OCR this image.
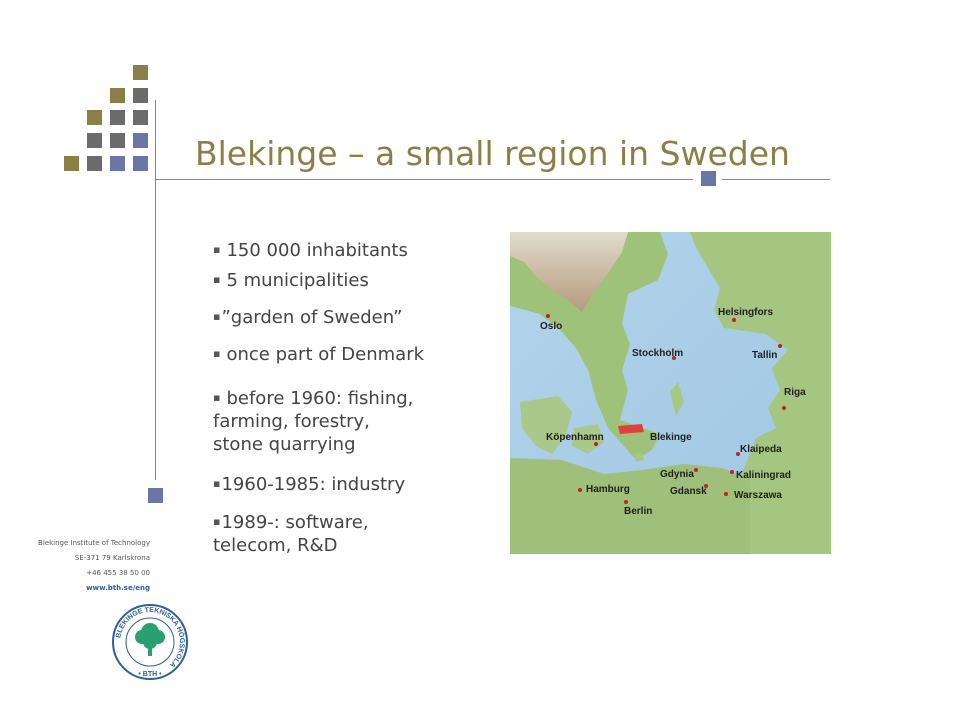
Blekinge – a small region in Sweden
▪ 150 000 inhabitants
▪ 5 municipalities
▪”garden of Sweden”
▪ once part of Denmark
▪ before 1960: fishing,
farming, forestry,
stone quarrying
▪1960-1985: industry
▪1989-: software,
telecom, R&D
Oslo
Helsingfors
Stockholm	Tallin
Riga
Köpenhamn	Blekinge
Klaipeda
Gdynia	Kaliningrad
Hamburg	Gdansk	Warszawa
Berlin
Blekinge Institute of Technology
SE-371 79 Karlskrona
+46 455 38 50 00
www.bth.se/eng
BLEKINGE TEKNISKA HÖGSKOLA
• BTH •
